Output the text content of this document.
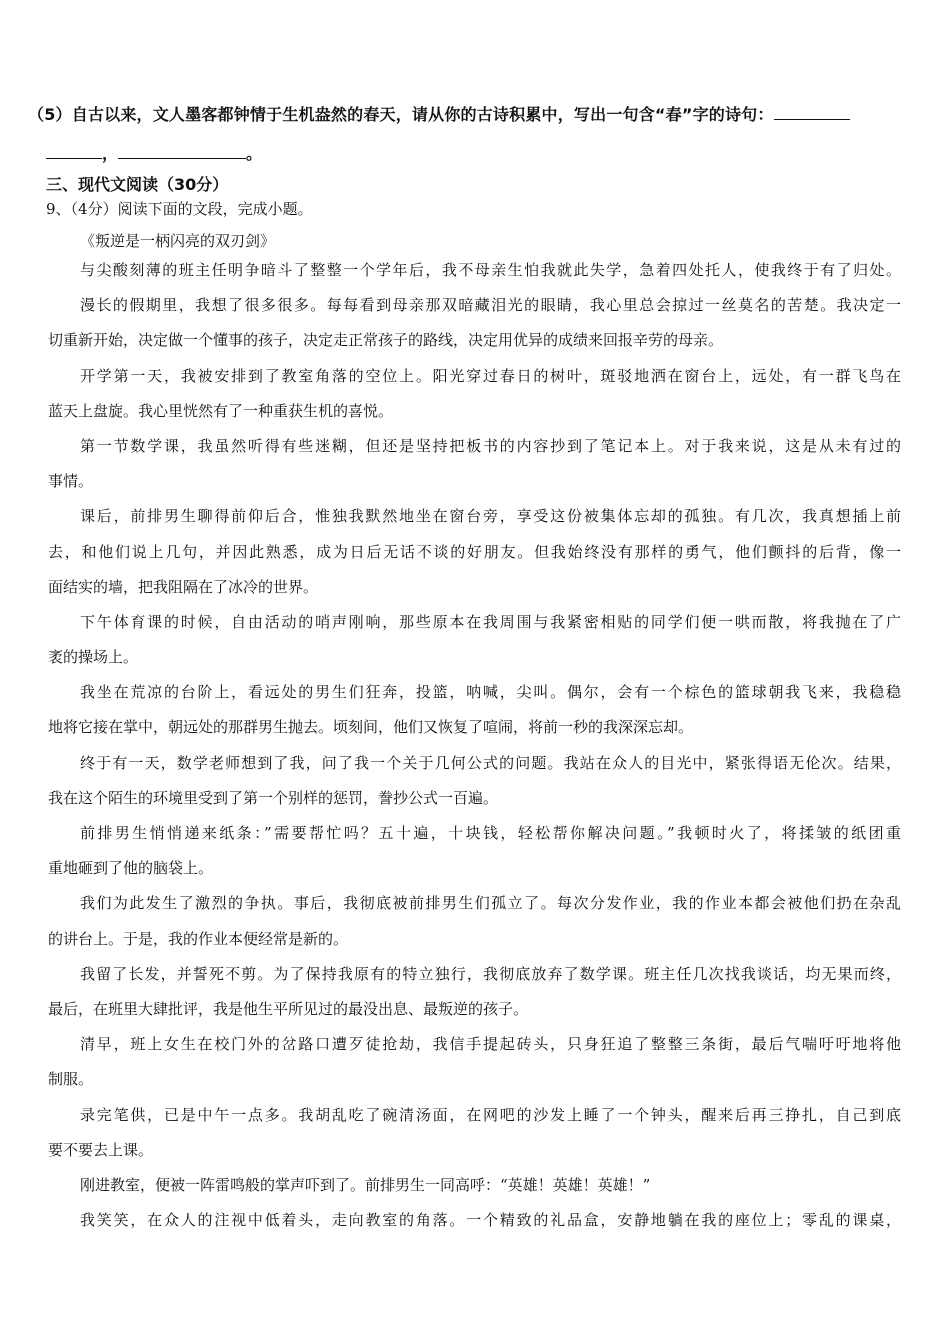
（5）自古以来，文人墨客都钟情于生机盎然的春天，请从你的古诗积累中，写出一句含“春”字的诗句：
，	。
三、现代文阅读（30分）
9、（4分）阅读下面的文段，完成小题。
《叛逆是一柄闪亮的双刃剑》
与尖酸刻薄的班主任明争暗斗了整整一个学年后，我不母亲生怕我就此失学，急着四处托人，使我终于有了归处。
漫长的假期里，我想了很多很多。每每看到母亲那双暗藏泪光的眼睛，我心里总会掠过一丝莫名的苦楚。我决定一
切重新开始，决定做一个懂事的孩子，决定走正常孩子的路线，决定用优异的成绩来回报辛劳的母亲。
开学第一天，我被安排到了教室角落的空位上。阳光穿过春日的树叶，斑驳地洒在窗台上，远处，有一群飞鸟在
蓝天上盘旋。我心里恍然有了一种重获生机的喜悦。
第一节数学课，我虽然听得有些迷糊，但还是坚持把板书的内容抄到了笔记本上。对于我来说，这是从未有过的
事情。
课后，前排男生聊得前仰后合，惟独我默然地坐在窗台旁，享受这份被集体忘却的孤独。有几次，我真想插上前
去，和他们说上几句，并因此熟悉，成为日后无话不谈的好朋友。但我始终没有那样的勇气，他们颤抖的后背，像一
面结实的墙，把我阻隔在了冰冷的世界。
下午体育课的时候，自由活动的哨声刚响，那些原本在我周围与我紧密相贴的同学们便一哄而散，将我抛在了广
袤的操场上。
我坐在荒凉的台阶上，看远处的男生们狂奔，投篮，呐喊，尖叫。偶尔，会有一个棕色的篮球朝我飞来，我稳稳
地将它接在掌中，朝远处的那群男生抛去。顷刻间，他们又恢复了喧闹，将前一秒的我深深忘却。
终于有一天，数学老师想到了我，问了我一个关于几何公式的问题。我站在众人的目光中，紧张得语无伦次。结果，
我在这个陌生的环境里受到了第一个别样的惩罚，誊抄公式一百遍。
前排男生悄悄递来纸条：”需要帮忙吗？五十遍，十块钱，轻松帮你解决问题。”我顿时火了，将揉皱的纸团重
重地砸到了他的脑袋上。
我们为此发生了激烈的争执。事后，我彻底被前排男生们孤立了。每次分发作业，我的作业本都会被他们扔在杂乱
的讲台上。于是，我的作业本便经常是新的。
我留了长发，并誓死不剪。为了保持我原有的特立独行，我彻底放弃了数学课。班主任几次找我谈话，均无果而终，
最后，在班里大肆批评，我是他生平所见过的最没出息、最叛逆的孩子。
清早，班上女生在校门外的岔路口遭歹徒抢劫，我信手提起砖头，只身狂追了整整三条街，最后气喘吁吁地将他
制服。
录完笔供，已是中午一点多。我胡乱吃了碗清汤面，在网吧的沙发上睡了一个钟头，醒来后再三挣扎，自己到底
要不要去上课。
刚进教室，便被一阵雷鸣般的掌声吓到了。前排男生一同高呼：“英雄！英雄！英雄！”
我笑笑，在众人的注视中低着头，走向教室的角落。一个精致的礼品盒，安静地躺在我的座位上；零乱的课桌，
